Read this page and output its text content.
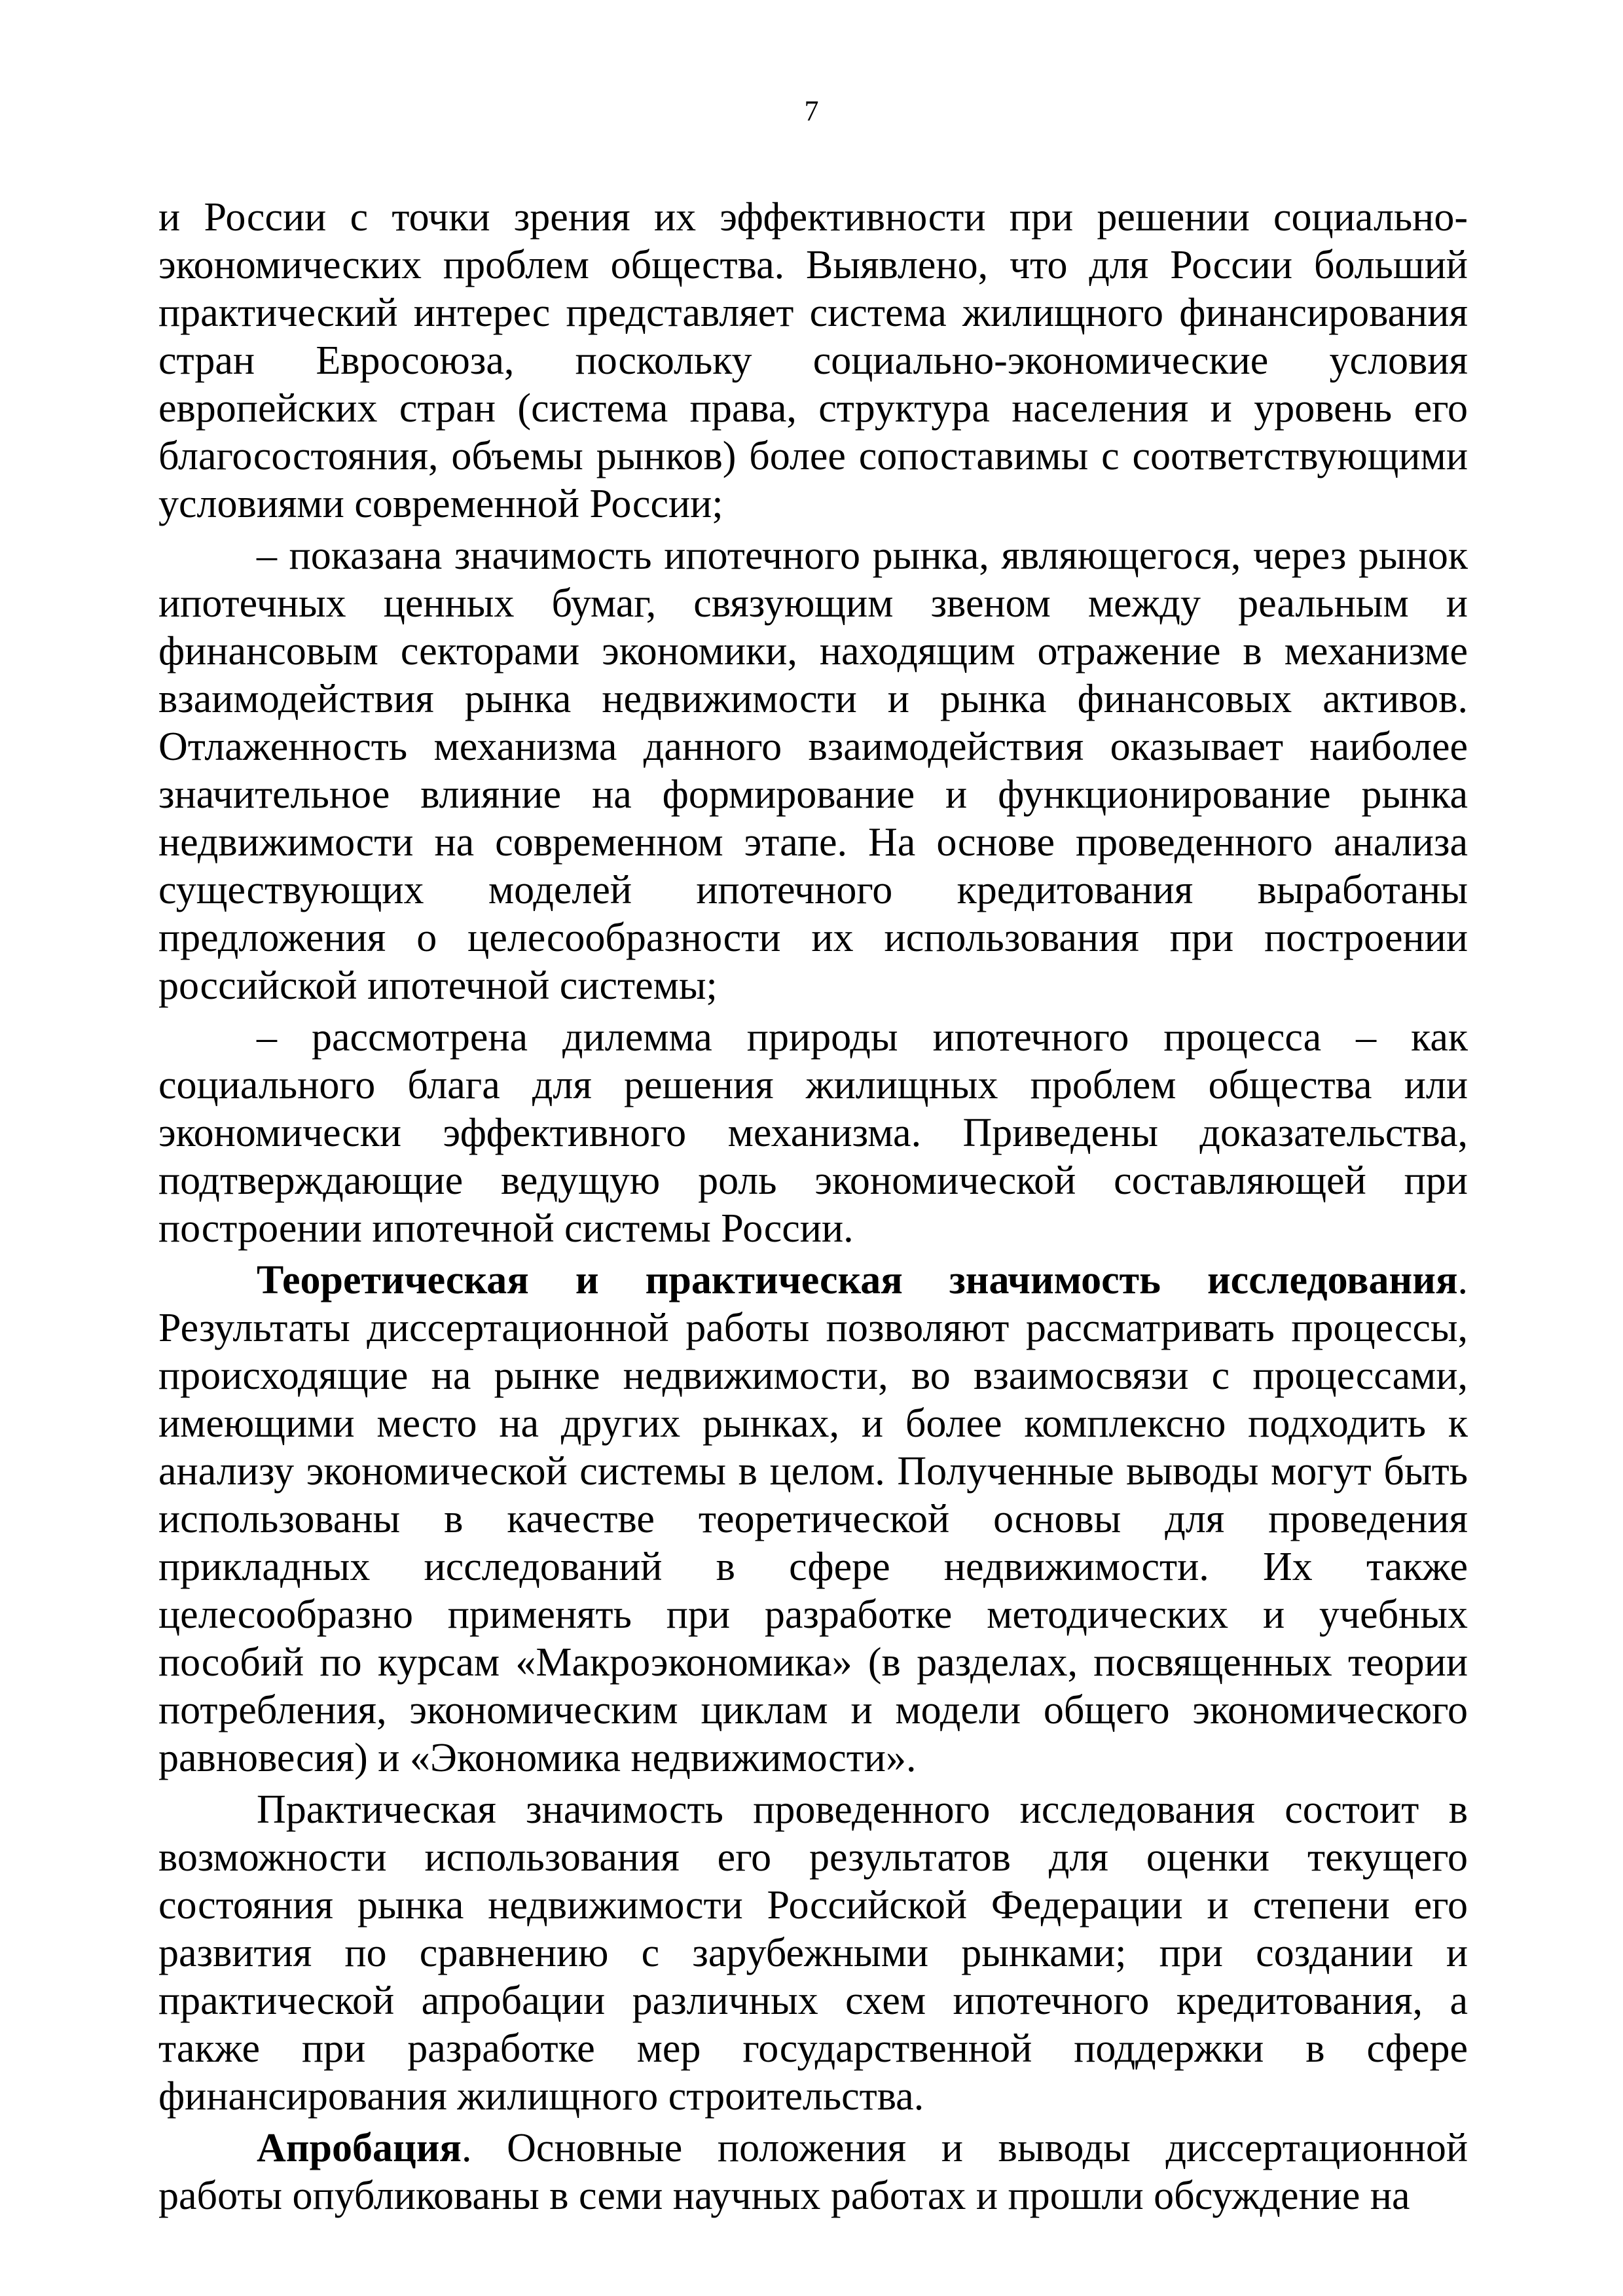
7

и России с точки зрения их эффективности при решении социально-экономических проблем общества. Выявлено, что для России больший практический интерес представляет система жилищного финансирования стран Евросоюза, поскольку социально-экономические условия европейских стран (система права, структура населения и уровень его благосостояния, объемы рынков) более сопоставимы с соответствующими условиями современной России;

– показана значимость ипотечного рынка, являющегося, через рынок ипотечных ценных бумаг, связующим звеном между реальным и финансовым секторами экономики, находящим отражение в механизме взаимодействия рынка недвижимости и рынка финансовых активов. Отлаженность механизма данного взаимодействия оказывает наиболее значительное влияние на формирование и функционирование рынка недвижимости на современном этапе. На основе проведенного анализа существующих моделей ипотечного кредитования выработаны предложения о целесообразности их использования при построении российской ипотечной системы;

– рассмотрена дилемма природы ипотечного процесса – как социального блага для решения жилищных проблем общества или экономически эффективного механизма. Приведены доказательства, подтверждающие ведущую роль экономической составляющей при построении ипотечной системы России.

Теоретическая и практическая значимость исследования. Результаты диссертационной работы позволяют рассматривать процессы, происходящие на рынке недвижимости, во взаимосвязи с процессами, имеющими место на других рынках, и более комплексно подходить к анализу экономической системы в целом. Полученные выводы могут быть использованы в качестве теоретической основы для проведения прикладных исследований в сфере недвижимости. Их также целесообразно применять при разработке методических и учебных пособий по курсам «Макроэкономика» (в разделах, посвященных теории потребления, экономическим циклам и модели общего экономического равновесия) и «Экономика недвижимости».

Практическая значимость проведенного исследования состоит в возможности использования его результатов для оценки текущего состояния рынка недвижимости Российской Федерации и степени его развития по сравнению с зарубежными рынками; при создании и практической апробации различных схем ипотечного кредитования, а также при разработке мер государственной поддержки в сфере финансирования жилищного строительства.

Апробация. Основные положения и выводы диссертационной работы опубликованы в семи научных работах и прошли обсуждение на
